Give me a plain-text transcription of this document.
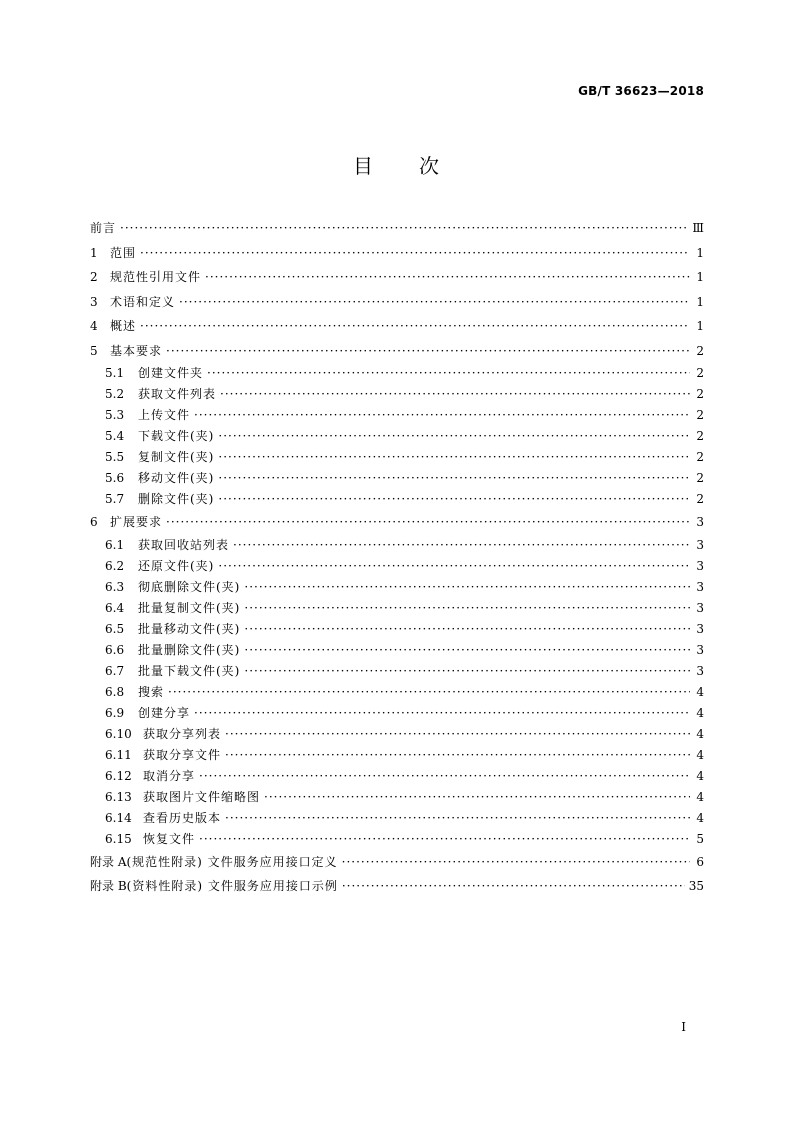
GB/T 36623—2018
目 次
前言 ·····	Ⅲ
1	范围 ·····	1
2	规范性引用文件 ·····	1
3	术语和定义 ·····	1
4	概述 ·····	1
5	基本要求 ·····	2
5.1	创建文件夹 ·····	2
5.2	获取文件列表 ·····	2
5.3	上传文件 ·····	2
5.4	下载文件(夹) ·····	2
5.5	复制文件(夹) ·····	2
5.6	移动文件(夹) ·····	2
5.7	删除文件(夹) ·····	2
6	扩展要求 ·····	3
6.1	获取回收站列表 ·····	3
6.2	还原文件(夹) ·····	3
6.3	彻底删除文件(夹) ·····	3
6.4	批量复制文件(夹) ·····	3
6.5	批量移动文件(夹) ·····	3
6.6	批量删除文件(夹) ·····	3
6.7	批量下载文件(夹) ·····	3
6.8	搜索 ·····	4
6.9	创建分享 ·····	4
6.10 获取分享列表 ·····	4
6.11 获取分享文件 ·····	4
6.12 取消分享 ·····	4
6.13 获取图片文件缩略图 ·····	4
6.14 查看历史版本 ·····	4
6.15 恢复文件 ·····	5
附录 A (规范性附录) 文件服务应用接口定义 ·····	6
附录 B (资料性附录) 文件服务应用接口示例 ·····	35
I
